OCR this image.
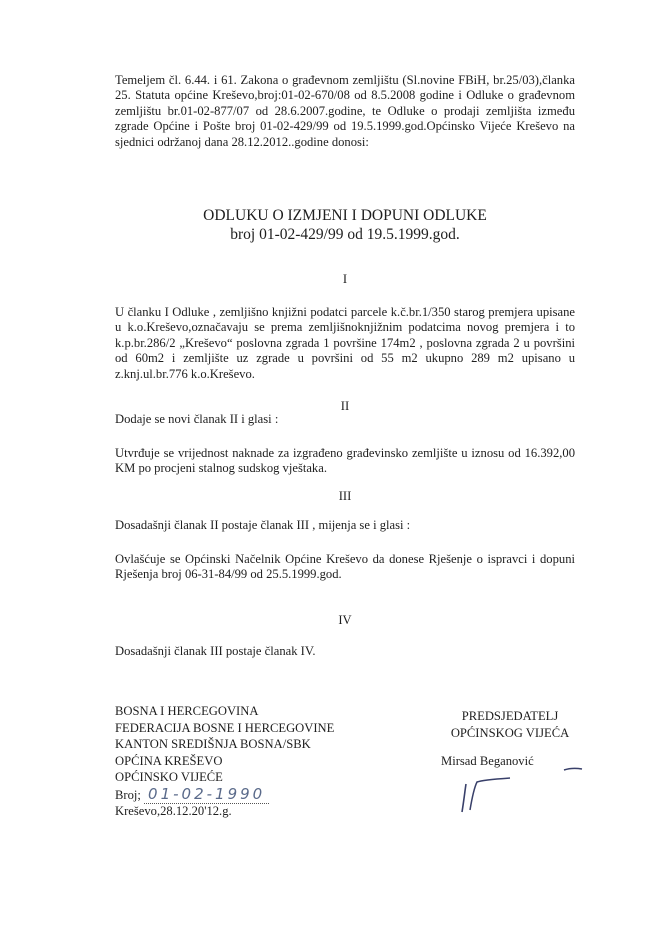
Temeljem čl. 6.44. i 61. Zakona o građevnom zemljištu (Sl.novine FBiH, br.25/03),članka 25. Statuta općine Kreševo,broj:01-02-670/08 od 8.5.2008 godine i Odluke o građevnom zemljištu br.01-02-877/07 od 28.6.2007.godine, te Odluke o prodaji zemljišta između zgrade Općine i Pošte broj 01-02-429/99 od 19.5.1999.god.Općinsko Vijeće Kreševo na sjednici održanoj dana 28.12.2012..godine donosi:
ODLUKU O IZMJENI I DOPUNI ODLUKE
broj 01-02-429/99 od 19.5.1999.god.
I
U članku I Odluke , zemljišno knjižni podatci parcele k.č.br.1/350 starog premjera upisane u k.o.Kreševo,označavaju se prema zemljišnoknjižnim podatcima novog premjera i to k.p.br.286/2 „Kreševo“ poslovna zgrada 1 površine 174m2 , poslovna zgrada 2 u površini od 60m2 i zemljište uz zgrade u površini od 55 m2 ukupno 289 m2 upisano u z.knj.ul.br.776 k.o.Kreševo.
II
Dodaje se novi članak II i glasi :
Utvrđuje se vrijednost naknade za izgrađeno građevinsko zemljište u iznosu od 16.392,00 KM po procjeni stalnog sudskog vještaka.
III
Dosadašnji članak II postaje članak III , mijenja se i glasi :
Ovlašćuje se Općinski Načelnik Općine Kreševo da donese Rješenje o ispravci i dopuni Rješenja broj 06-31-84/99 od 25.5.1999.god.
IV
Dosadašnji članak III postaje članak IV.
BOSNA I HERCEGOVINA
FEDERACIJA BOSNE I HERCEGOVINE
KANTON SREDIŠNJA BOSNA/SBK
OPĆINA KREŠEVO
OPĆINSKO VIJEĆE
Broj; 01-02-1990
Kreševo,28.12.20'12.g.
PREDSJEDATELJ
OPĆINSKOG VIJEĆA
Mirsad Beganović
